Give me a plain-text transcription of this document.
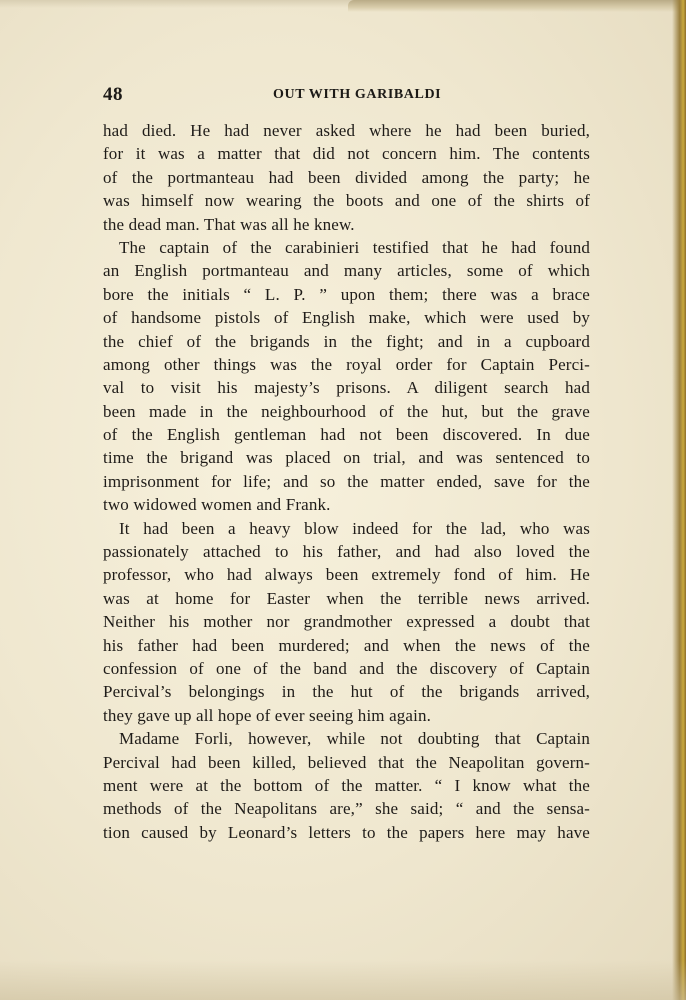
48	OUT WITH GARIBALDI
had died. He had never asked where he had been buried,
for it was a matter that did not concern him. The contents
of the portmanteau had been divided among the party; he
was himself now wearing the boots and one of the shirts of
the dead man. That was all he knew.
The captain of the carabinieri testified that he had found
an English portmanteau and many articles, some of which
bore the initials “ L. P. ” upon them; there was a brace
of handsome pistols of English make, which were used by
the chief of the brigands in the fight; and in a cupboard
among other things was the royal order for Captain Perci-
val to visit his majesty’s prisons. A diligent search had
been made in the neighbourhood of the hut, but the grave
of the English gentleman had not been discovered. In due
time the brigand was placed on trial, and was sentenced to
imprisonment for life; and so the matter ended, save for the
two widowed women and Frank.
It had been a heavy blow indeed for the lad, who was
passionately attached to his father, and had also loved the
professor, who had always been extremely fond of him. He
was at home for Easter when the terrible news arrived.
Neither his mother nor grandmother expressed a doubt that
his father had been murdered; and when the news of the
confession of one of the band and the discovery of Captain
Percival’s belongings in the hut of the brigands arrived,
they gave up all hope of ever seeing him again.
Madame Forli, however, while not doubting that Captain
Percival had been killed, believed that the Neapolitan govern-
ment were at the bottom of the matter. “ I know what the
methods of the Neapolitans are,” she said; “ and the sensa-
tion caused by Leonard’s letters to the papers here may have
